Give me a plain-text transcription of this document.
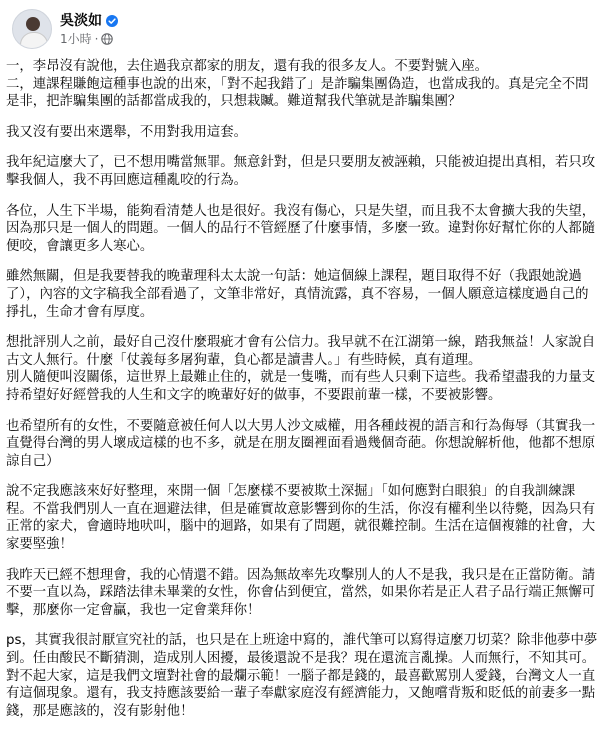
吳淡如
1小時 ·

一，李昂沒有說他，去住過我京都家的朋友，還有我的很多友人。不要對號入座。
二，連課程賺飽這種事也說的出來，「對不起我錯了」是詐騙集團偽造，也當成我的。真是完全不問是非，把詐騙集團的話都當成我的，只想栽贓。難道幫我代筆就是詐騙集團？

我又沒有要出來選舉，不用對我用這套。

我年紀這麼大了，已不想用嘴當無罪。無意針對，但是只要朋友被誣賴，只能被迫提出真相，若只攻擊我個人，我不再回應這種亂咬的行為。

各位，人生下半場，能夠看清楚人也是很好。我沒有傷心，只是失望，而且我不太會擴大我的失望，因為那只是一個人的問題。一個人的品行不管經歷了什麼事情，多麼一致。違對你好幫忙你的人都隨便咬，會讓更多人寒心。

雖然無關，但是我要替我的晚輩理科太太說一句話：她這個線上課程，題目取得不好（我跟她說過了），內容的文字稿我全部看過了，文筆非常好，真情流露，真不容易，一個人願意這樣度過自己的掙扎，生命才會有厚度。

想批評別人之前，最好自己沒什麼瑕疵才會有公信力。我早就不在江湖第一線，踏我無益！人家說自古文人無行。什麼「仗義每多屠狗輩，負心都是讀書人。」有些時候，真有道理。
別人隨便叫沒關係，這世界上最難止住的，就是一隻嘴，而有些人只剩下這些。我希望盡我的力量支持希望好好經營我的人生和文字的晚輩好好的做事，不要跟前輩一樣，不要被影響。

也希望所有的女性，不要隨意被任何人以大男人沙文威權，用各種歧視的語言和行為侮辱（其實我一直覺得台灣的男人壞成這樣的也不多，就是在朋友圈裡面看過幾個奇葩。你想說解析他，他都不想原諒自己）

說不定我應該來好好整理，來開一個「怎麼樣不要被欺土深掘」「如何應對白眼狼」的自我訓練課程。不當我們別人一直在迴避法律，但是確實故意影響到你的生活，你沒有權利坐以待斃，因為只有正常的家犬，會適時地吠叫，腦中的迴路，如果有了問題，就很難控制。生活在這個複雜的社會，大家要堅強！

我昨天已經不想理會，我的心情還不錯。因為無故率先攻擊別人的人不是我，我只是在正當防衛。請不要一直以為，踩踏法律未畢業的女性，你會佔到便宜，當然，如果你若是正人君子品行端正無懈可擊，那麼你一定會贏，我也一定會業拜你！

ps，其實我很討厭宣究社的話，也只是在上班途中寫的，誰代筆可以寫得這麼刀切菜？除非他夢中夢到。任由酸民不斷猜測，造成別人困擾，最後還說不是我？現在還流言亂操。人而無行，不知其可。對不起大家，這是我們文壇對社會的最爛示範！一腦子都是錢的，最喜歡罵別人愛錢，台灣文人一直有這個現象。還有，我支持應該要給一輩子奉獻家庭沒有經濟能力，又飽嚐背叛和貶低的前妻多一點錢，那是應該的，沒有影射他！
